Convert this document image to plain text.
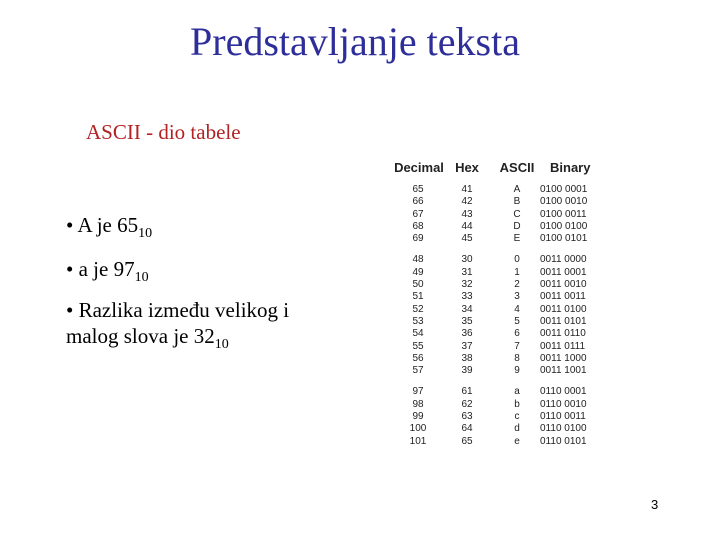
Predstavljanje teksta
ASCII - dio tabele
• A je $65_{10}$
• a je $97_{10}$
• Razlika između velikog i malog slova je $32_{10}$
Decimal Hex	ASCII Binary
65	41	A	0100 0001
66	42	B	0100 0010
67	43	C	0100 0011
68	44	D	0100 0100
69	45	E	0100 0101
48	30	0	0011 0000
49	31	1	0011 0001
50	32	2	0011 0010
51	33	3	0011 0011
52	34	4	0011 0100
53	35	5	0011 0101
54	36	6	0011 0110
55	37	7	0011 0111
56	38	8	0011 1000
57	39	9	0011 1001
97	61	a	0110 0001
98	62	b	0110 0010
99	63	c	0110 0011
100	64	d	0110 0100
101	65	e	0110 0101
3
